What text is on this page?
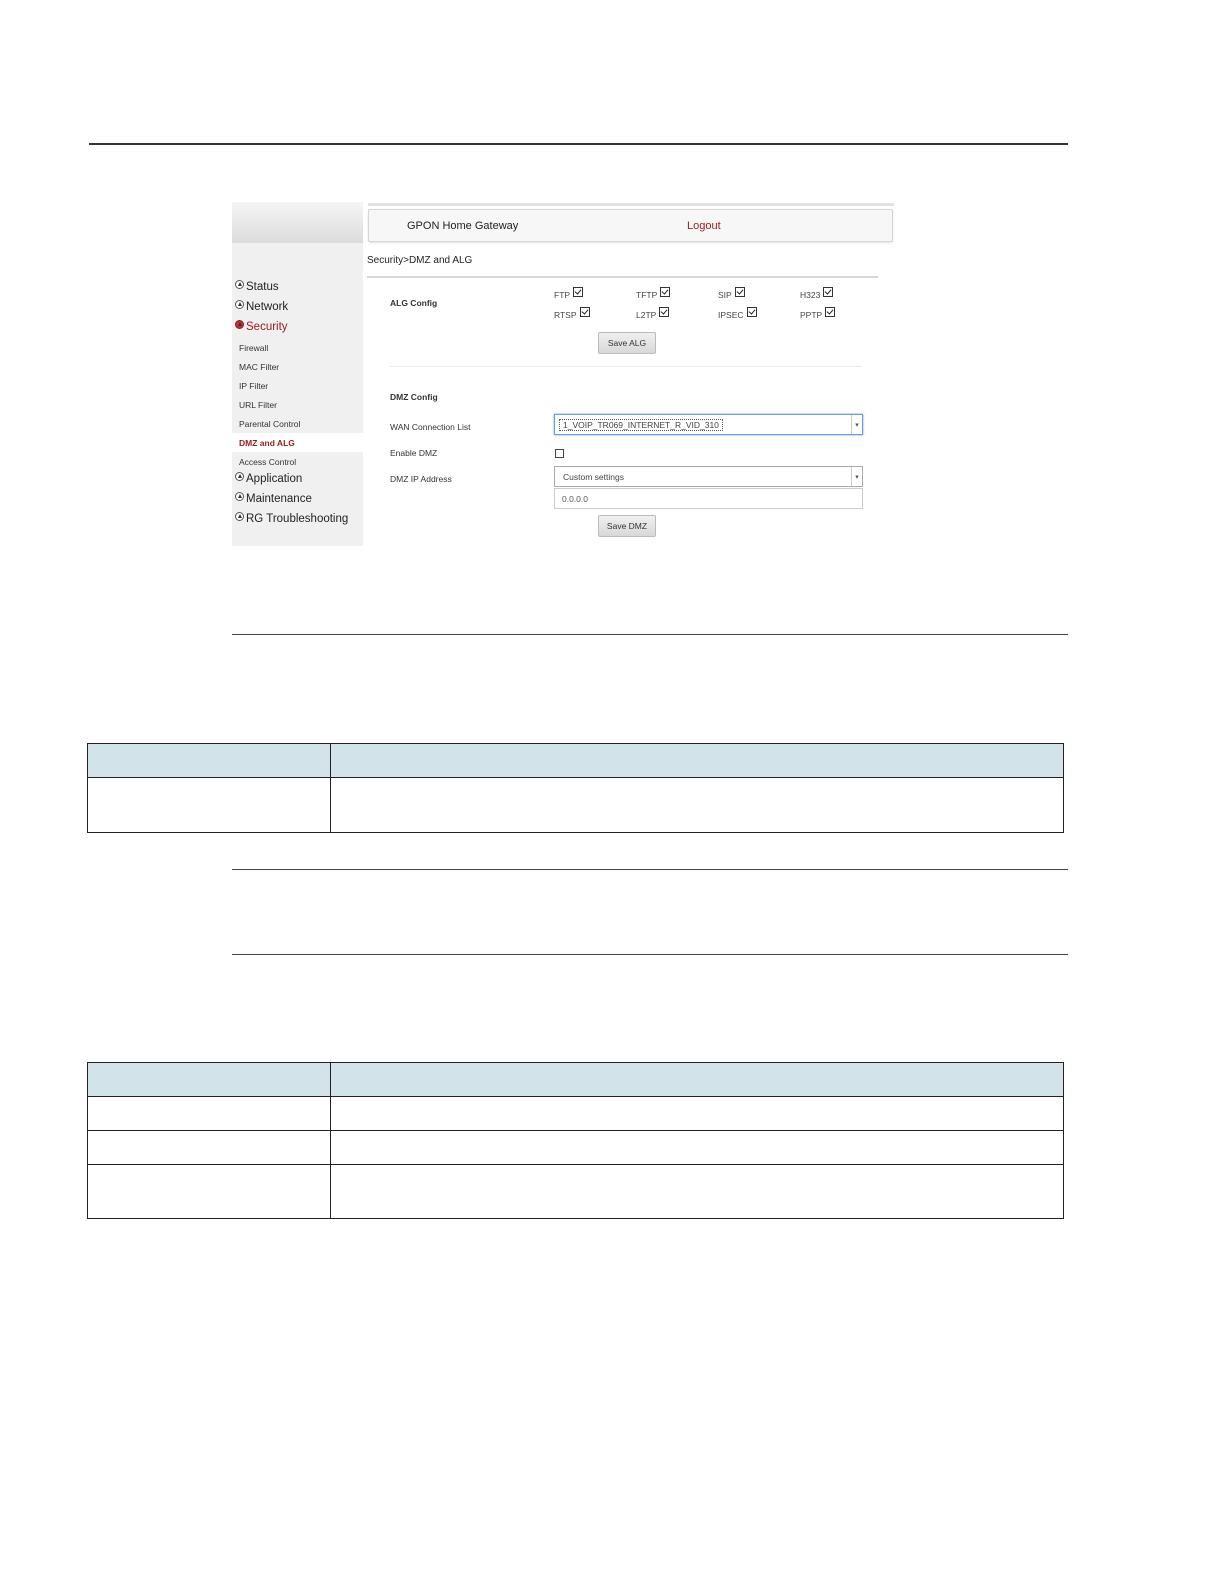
Status
Network
Security
Firewall
MAC Filter
IP Filter
URL Filter
Parental Control
DMZ and ALG
Access Control
Application
Maintenance
RG Troubleshooting
GPON Home Gateway	Logout
Security>DMZ and ALG
ALG Config
FTP	TFTP	SIP	H323
RTSP	L2TP	IPSEC	PPTP
Save ALG
DMZ Config
WAN Connection List	1_VOIP_TR069_INTERNET_R_VID_310	▾
Enable DMZ
DMZ IP Address	Custom settings	▾
0.0.0.0
Save DMZ
